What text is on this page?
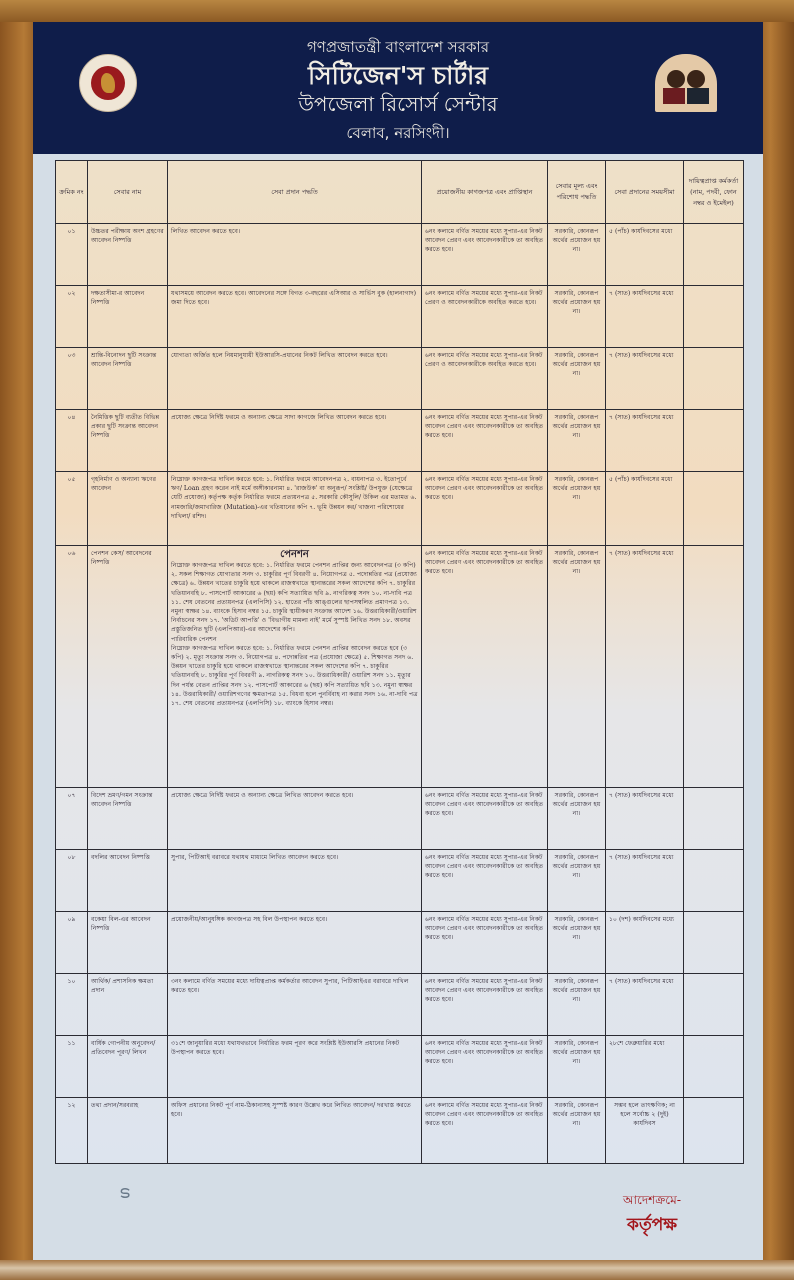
গণপ্রজাতন্ত্রী বাংলাদেশ সরকার
সিটিজেন'স চার্টার
উপজেলা রিসোর্স সেন্টার
বেলাব, নরসিংদী।
ক্রমিক নং	সেবার নাম	সেবা প্রদান পদ্ধতি	প্রয়োজনীয় কাগজপত্র এবং প্রাপ্তিস্থান	সেবার মূল্য এবং পরিশোধ পদ্ধতি	সেবা প্রদানের সময়সীমা	দায়িত্বপ্রাপ্ত কর্মকর্তা (নাম, পদবী, ফোন নম্বর ও ইমেইল)
০১	উচ্চতর পরীক্ষায় অংশ গ্রহণের আবেদন নিষ্পত্তি	লিখিত আবেদন করতে হবে।	৬নং কলামে বর্ণিত সময়ের মধ্যে সুপার-এর নিকট আবেদন প্রেরণ এবং আবেদনকারীকে তা অবহিত করতে হবে।	সরকারি, কোনরূপ অর্থের প্রয়োজন হয় না।	৫ (পাঁচ) কার্যদিবসের মধ্যে	
০২	দক্ষতাসীমা-র আবেদন নিষ্পত্তি	যথাসময়ে আবেদন করতে হবে। আবেদনের সঙ্গে বিগত ৩-বছরের এসিআর ও সার্ভিস বুক (হালনাগাদ) জমা দিতে হবে।	৬নং কলামে বর্ণিত সময়ের মধ্যে সুপার-এর নিকট প্রেরণ ও আবেদনকারীকে অবহিত করতে হবে।	সরকারি, কোনরূপ অর্থের প্রয়োজন হয় না।	৭ (সাত) কার্যদিবসের মধ্যে	
০৩	শ্রান্তি-বিনোদন ছুটি সংক্রান্ত আবেদন নিষ্পত্তি	যোগ্যতা অর্জিত হলে নিয়মানুযায়ী ইউআরসি-প্রধানের নিকট লিখিত আবেদন করতে হবে।	৬নং কলামে বর্ণিত সময়ের মধ্যে সুপার-এর নিকট প্রেরণ ও আবেদনকারীকে অবহিত করতে হবে।	সরকারি, কোনরূপ অর্থের প্রয়োজন হয় না।	৭ (সাত) কার্যদিবসের মধ্যে	
০৪	নৈমিত্তিক ছুটি ব্যতীত বিভিন্ন প্রকার ছুটি সংক্রান্ত আবেদন নিষ্পত্তি	প্রযোজ্য ক্ষেত্রে নির্দিষ্ট ফরমে ও অন্যান্য ক্ষেত্রে সাদা কাগজে লিখিত আবেদন করতে হবে।	৬নং কলামে বর্ণিত সময়ের মধ্যে সুপার-এর নিকট আবেদন প্রেরণ এবং আবেদনকারীকে তা অবহিত করতে হবে।	সরকারি, কোনরূপ অর্থের প্রয়োজন হয় না।	৭ (সাত) কার্যদিবসের মধ্যে	
০৫	গৃহনির্মাণ ও অন্যান্য ঋণের আবেদন	নিম্নোক্ত কাগজপত্র দাখিল করতে হবে: ১. নির্ধারিত ফরমে আবেদনপত্র ২. বায়নাপত্র ৩. ইতোপূর্বে ঋণ/ Loan গ্রহণ করেন নাই মর্মে অঙ্গীকারনামা ৪. 'রাজউক' বা অনুরূপ/ সংশ্লিষ্ট/ উপযুক্ত (যেক্ষেত্রে যেটি প্রযোজ্য) কর্তৃপক্ষ কর্তৃক নির্ধারিত ফরমে প্রত্যয়নপত্র ৫. সরকারি কৌসুলি/ উকিল এর মতামত ৬. নামজারি/জমাখারিজ (Mutation)-এর খতিয়ানের কপি ৭. ভূমি উন্নয়ন কর/ খাজনা পরিশোধের দাখিলা/ রশিদ।	৬নং কলামে বর্ণিত সময়ের মধ্যে সুপার-এর নিকট আবেদন প্রেরণ এবং আবেদনকারীকে তা অবহিত করতে হবে।	সরকারি, কোনরূপ অর্থের প্রয়োজন হয় না।	৫ (পাঁচ) কার্যদিবসের মধ্যে	
০৬	পেনশন কেস/ আবেদনের নিষ্পত্তি	পেনশন
নিম্নোক্ত কাগজপত্র দাখিল করতে হবে: ১. নির্ধারিত ফরমে পেনশন প্রাপ্তির জন্য আবেদনপত্র (৩ কপি) ২. সকল শিক্ষাগত যোগ্যতার সনদ ৩. চাকুরির পূর্ণ বিবরণী ৪. নিয়োগপত্র ৫. পদোন্নতির পত্র (প্রযোজ্য ক্ষেত্রে) ৬. উন্নয়ন খাতের চাকুরি হয়ে থাকলে রাজস্বখাতে স্থানান্তরের সকল আদেশের কপি ৭. চাকুরির খতিয়ানবহি ৮. পাসপোর্ট আকারের ৬ (ছয়) কপি সত্যায়িত ছবি ৯. নাগরিকত্ব সনদ ১০. না-দাবি পত্র ১১. শেষ বেতনের প্রত্যয়নপত্র (এলপিসি) ১২. হাতের পাঁচ আঙ্গুলের ছাপসম্বলিত প্রমাণপত্র ১৩. নমুনা স্বাক্ষর ১৪. ব্যাংকে হিসাব নম্বর ১৫. চাকুরি স্থায়ীকরণ সংক্রান্ত আদেশ ১৬. উত্তরাধিকারী/ওয়ারিশ নির্বাচনের সনদ ১৭. 'অডিট আপত্তি' ও 'বিভাগীয় মামলা নাই' মর্মে সুস্পষ্ট লিখিত সনদ ১৮. অবসর প্রস্তুতিজনিত ছুটি (এলপিআর)-এর আদেশের কপি।
পারিবারিক পেনশন
নিম্নোক্ত কাগজপত্র দাখিল করতে হবে: ১. নির্ধারিত ফরমে পেনশন প্রাপ্তির আবেদন করতে হবে (৩ কপি) ২. মৃত্যু সংক্রান্ত সনদ ৩. নিয়োগপত্র ৪. পদোন্নতির পত্র (প্রযোজ্য ক্ষেত্রে) ৫. শিক্ষাগত সনদ ৬. উন্নয়ন খাতের চাকুরি হয়ে থাকলে রাজস্বখাতে স্থানান্তরের সকল আদেশের কপি ৭. চাকুরির খতিয়ানবহি ৮. চাকুরির পূর্ণ বিবরণী ৯. নাগরিকত্ব সনদ ১০. উত্তরাধিকারী/ ওয়ারিশ সনদ ১১. মৃত্যুর দিন পর্যন্ত বেতন প্রাপ্তির সনদ ১২. পাসপোর্ট আকারের ৬ (ছয়) কপি সত্যায়িত ছবি ১৩. নমুনা স্বাক্ষর ১৪. উত্তরাধিকারী/ ওয়ারিশগণের ক্ষমতাপত্র ১৫. বিধবা হলে পুনর্বিবাহ না করার সনদ ১৬. না-দাবি পত্র ১৭. শেষ বেতনের প্রত্যয়নপত্র (এলপিসি) ১৮. ব্যাংকে হিসাব নম্বর।	৬নং কলামে বর্ণিত সময়ের মধ্যে সুপার-এর নিকট আবেদন প্রেরণ এবং আবেদনকারীকে তা অবহিত করতে হবে।	সরকারি, কোনরূপ অর্থের প্রয়োজন হয় না।	৭ (সাত) কার্যদিবসের মধ্যে	
০৭	বিদেশ ভ্রমণ/গমন সংক্রান্ত আবেদন নিষ্পত্তি	প্রযোজ্য ক্ষেত্রে নির্দিষ্ট ফরমে ও অন্যান্য ক্ষেত্রে লিখিত আবেদন করতে হবে।	৬নং কলামে বর্ণিত সময়ের মধ্যে সুপার-এর নিকট আবেদন প্রেরণ এবং আবেদনকারীকে তা অবহিত করতে হবে।	সরকারি, কোনরূপ অর্থের প্রয়োজন হয় না।	৭ (সাত) কার্যদিবসের মধ্যে	
০৮	বদলির আবেদন নিষ্পত্তি	সুপার, পিটিআই বরাবরে যথাযথ মাধ্যমে লিখিত আবেদন করতে হবে।	৬নং কলামে বর্ণিত সময়ের মধ্যে সুপার-এর নিকট আবেদন প্রেরণ এবং আবেদনকারীকে তা অবহিত করতে হবে।	সরকারি, কোনরূপ অর্থের প্রয়োজন হয় না।	৭ (সাত) কার্যদিবসের মধ্যে	
০৯	বকেয়া বিল-এর আবেদন নিষ্পত্তি	প্রয়োজনীয়/আনুষঙ্গিক কাগজপত্র সহ বিল উপস্থাপন করতে হবে।	৬নং কলামে বর্ণিত সময়ের মধ্যে সুপার-এর নিকট আবেদন প্রেরণ এবং আবেদনকারীকে তা অবহিত করতে হবে।	সরকারি, কোনরূপ অর্থের প্রয়োজন হয় না।	১০ (দশ) কার্যদিবসের মধ্যে	
১০	আর্থিক/ প্রশাসনিক ক্ষমতা প্রদান	৩নং কলামে বর্ণিত সময়ের মধ্যে দায়িত্বপ্রাপ্ত কর্মকর্তার আবেদন সুপার, পিটিআইএর বরাবরে দাখিল করতে হবে।	৬নং কলামে বর্ণিত সময়ের মধ্যে সুপার-এর নিকট আবেদন প্রেরণ এবং আবেদনকারীকে তা অবহিত করতে হবে।	সরকারি, কোনরূপ অর্থের প্রয়োজন হয় না।	৭ (সাত) কার্যদিবসের মধ্যে	
১১	বার্ষিক গোপনীয় অনুবেদন/ প্রতিবেদন পূরণ/ লিখন	৩১শে জানুয়ারির মধ্যে যথাযথভাবে নির্ধারিত ফরম পূরণ করে সংশ্লিষ্ট ইউআরসি প্রধানের নিকট উপস্থাপন করতে হবে।	৬নং কলামে বর্ণিত সময়ের মধ্যে সুপার-এর নিকট আবেদন প্রেরণ এবং আবেদনকারীকে তা অবহিত করতে হবে।	সরকারি, কোনরূপ অর্থের প্রয়োজন হয় না।	২৮শে ফেব্রুয়ারির মধ্যে	
১২	তথ্য প্রদান/সরবরাহ	অফিস প্রধানের নিকট পূর্ণ নাম-ঠিকানাসহ সুস্পষ্ট কারণ উল্লেখ করে লিখিত আবেদন/ দরখাস্ত করতে হবে।	৬নং কলামে বর্ণিত সময়ের মধ্যে সুপার-এর নিকট আবেদন প্রেরণ এবং আবেদনকারীকে তা অবহিত করতে হবে।	সরকারি, কোনরূপ অর্থের প্রয়োজন হয় না।	সম্ভব হলে তাৎক্ষণিক; না হলে সর্বোচ্চ ২ (দুই) কার্যদিবস	
ട	আদেশক্রমে-
কর্তৃপক্ষ
